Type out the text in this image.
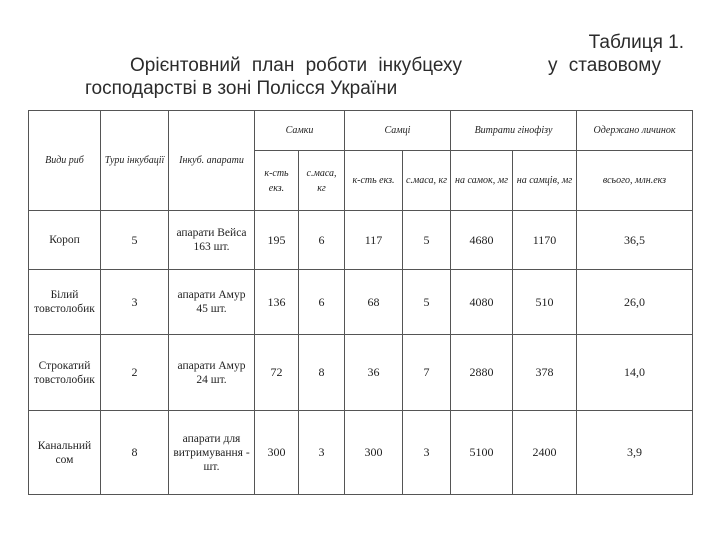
Таблиця 1.
Орієнтовний план роботи інкубцеху	у ставовому
господарстві в зоні Полісся України
Види риб	Тури інкубації	Інкуб. апарати	Самки		Самці		Витрати гінофізу		Одержано личинок
			к-сть екз.	с.маса, кг	к-сть екз.	с.маса, кг	на самок, мг	на самців, мг	всього, млн.екз
Короп	5	апарати Вейса 163 шт.	195	6	117	5	4680	1170	36,5
Білий товстолобик	3	апарати Амур 45 шт.	136	6	68	5	4080	510	26,0
Строкатий товстолобик	2	апарати Амур 24 шт.	72	8	36	7	2880	378	14,0
Канальний сом	8	апарати для витримування - шт.	300	3	300	3	5100	2400	3,9
